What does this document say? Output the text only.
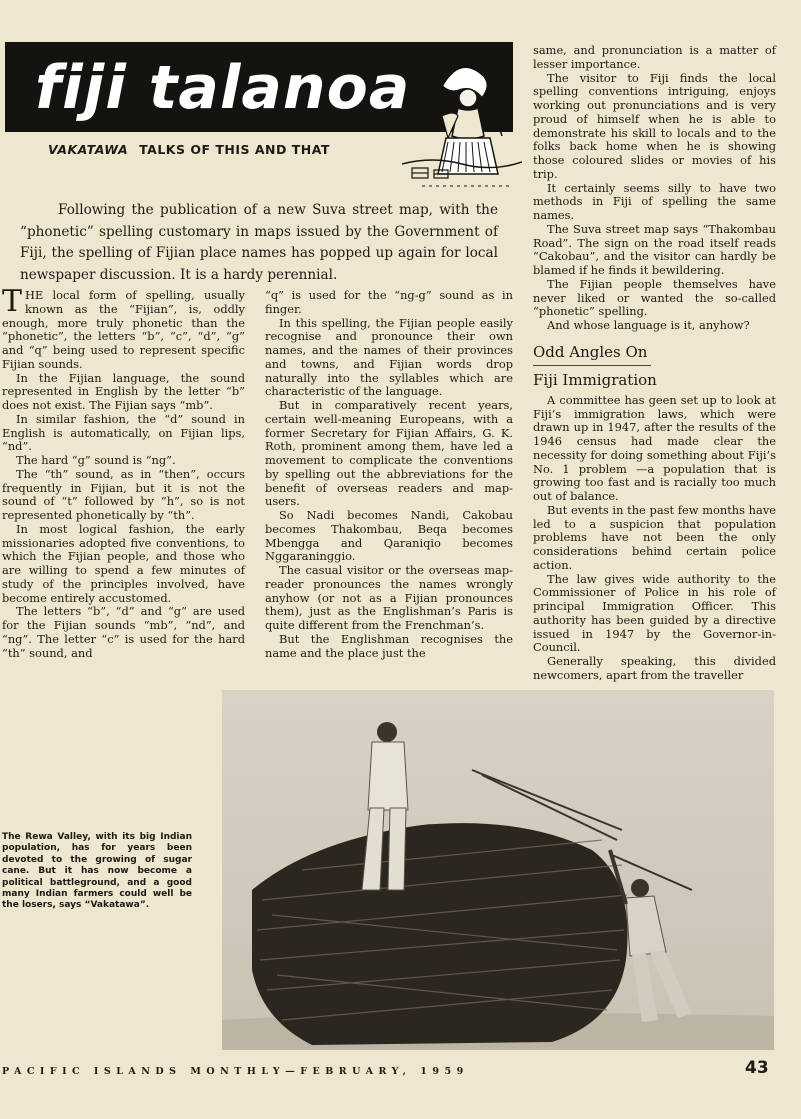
fiji talanoa
VAKATAWA TALKS OF THIS AND THAT

Following the publication of a new Suva street map, with the “phonetic” spelling customary in maps issued by the Government of Fiji, the spelling of Fijian place names has popped up again for local newspaper discussion. It is a hardy perennial.

THE local form of spelling, usually known as the “Fijian”, is, oddly enough, more truly phonetic than the “phonetic”, the letters “b”, “c”, “d”, “g” and “q” being used to represent specific Fijian sounds.

In the Fijian language, the sound represented in English by the letter “b” does not exist. The Fijian says “mb”.

In similar fashion, the “d” sound in English is automatically, on Fijian lips, “nd”.

The hard “g” sound is “ng”.

The “th” sound, as in “then”, occurs frequently in Fijian, but it is not the sound of “t” followed by “h”, so is not represented phonetically by “th”.

In most logical fashion, the early missionaries adopted five conventions, to which the Fijian people, and those who are willing to spend a few minutes of study of the principles involved, have become entirely accustomed.

The letters “b”, “d” and “g” are used for the Fijian sounds “mb”, “nd”, and “ng”. The letter “c” is used for the hard “th” sound, and

“q” is used for the “ng-g” sound as in finger.

In this spelling, the Fijian people easily recognise and pronounce their own names, and the names of their provinces and towns, and Fijian words drop naturally into the syllables which are characteristic of the language.

But in comparatively recent years, certain well-meaning Europeans, with a former Secretary for Fijian Affairs, G. K. Roth, prominent among them, have led a movement to complicate the conventions by spelling out the abbreviations for the benefit of overseas readers and map-users.

So Nadi becomes Nandi, Cakobau becomes Thakombau, Beqa becomes Mbengga and Qaraniqio becomes Nggaraninggio.

The casual visitor or the overseas map-reader pronounces the names wrongly anyhow (or not as a Fijian pronounces them), just as the Englishman’s Paris is quite different from the Frenchman’s.

But the Englishman recognises the name and the place just the

same, and pronunciation is a matter of lesser importance.

The visitor to Fiji finds the local spelling conventions intriguing, enjoys working out pronunciations and is very proud of himself when he is able to demonstrate his skill to locals and to the folks back home when he is showing those coloured slides or movies of his trip.

It certainly seems silly to have two methods in Fiji of spelling the same names.

The Suva street map says “Thakombau Road”. The sign on the road itself reads “Cakobau”, and the visitor can hardly be blamed if he finds it bewildering.

The Fijian people themselves have never liked or wanted the so-called “phonetic” spelling.

And whose language is it, anyhow?

Odd Angles On
Fiji Immigration

A committee has geen set up to look at Fiji’s immigration laws, which were drawn up in 1947, after the results of the 1946 census had made clear the necessity for doing something about Fiji’s No. 1 problem —a population that is growing too fast and is racially too much out of balance.

But events in the past few months have led to a suspicion that population problems have not been the only considerations behind certain police action.

The law gives wide authority to the Commissioner of Police in his role of principal Immigration Officer. This authority has been guided by a directive issued in 1947 by the Governor-in-Council.

Generally speaking, this divided newcomers, apart from the traveller

The Rewa Valley, with its big Indian population, has for years been devoted to the growing of sugar cane. But it has now become a political battleground, and a good many Indian farmers could well be the losers, says “Vakatawa”.
PACIFIC ISLANDS MONTHLY—FEBRUARY, 1959	43
